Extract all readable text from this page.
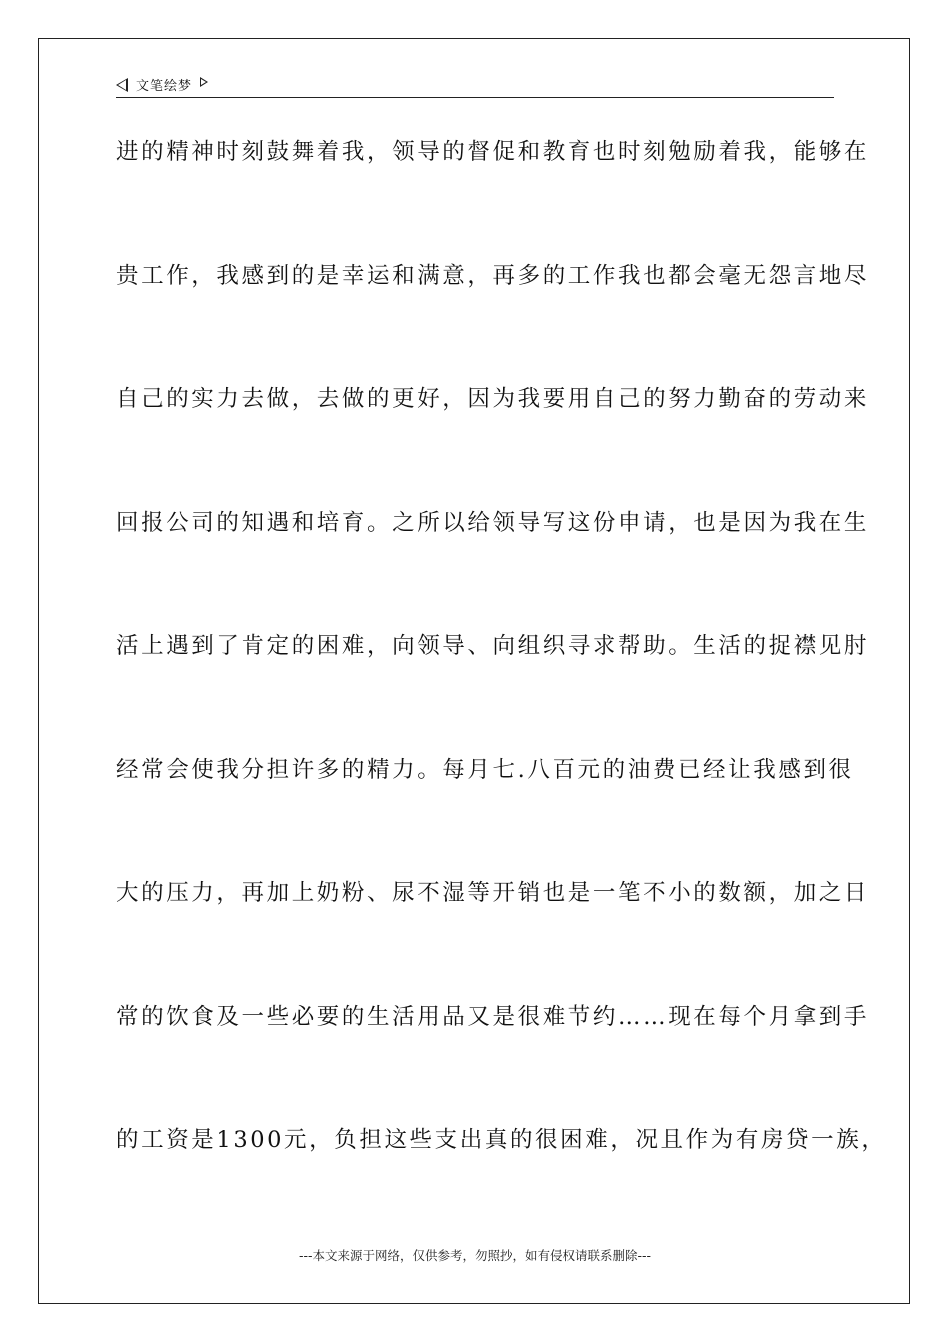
文笔绘梦
进的精神时刻鼓舞着我，领导的督促和教育也时刻勉励着我，能够在
贵工作，我感到的是幸运和满意，再多的工作我也都会毫无怨言地尽
自己的实力去做，去做的更好，因为我要用自己的努力勤奋的劳动来
回报公司的知遇和培育。之所以给领导写这份申请，也是因为我在生
活上遇到了肯定的困难，向领导、向组织寻求帮助。生活的捉襟见肘
经常会使我分担许多的精力。每月七.八百元的油费已经让我感到很
大的压力，再加上奶粉、尿不湿等开销也是一笔不小的数额，加之日
常的饮食及一些必要的生活用品又是很难节约……现在每个月拿到手
的工资是1300元，负担这些支出真的很困难，况且作为有房贷一族，
---本文来源于网络，仅供参考，勿照抄，如有侵权请联系删除---
